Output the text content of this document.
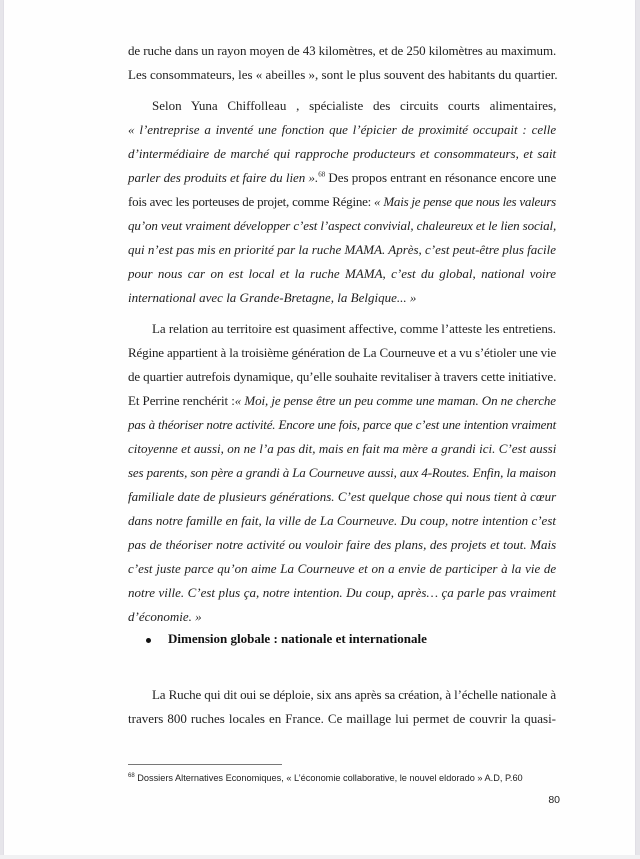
de ruche dans un rayon moyen de 43 kilomètres, et de 250 kilomètres au maximum.
Les consommateurs, les « abeilles », sont le plus souvent des habitants du quartier.
Selon Yuna Chiffolleau , spécialiste des circuits courts alimentaires,
« l’entreprise a inventé une fonction que l’épicier de proximité occupait : celle
d’intermédiaire de marché qui rapproche producteurs et consommateurs, et sait
parler des produits et faire du lien ».$^{68}$ Des propos entrant en résonance encore une
fois avec les porteuses de projet, comme Régine: « Mais je pense que nous les valeurs
qu’on veut vraiment développer c’est l’aspect convivial, chaleureux et le lien social,
qui n’est pas mis en priorité par la ruche MAMA. Après, c’est peut-être plus facile
pour nous car on est local et la ruche MAMA, c’est du global, national voire
international avec la Grande-Bretagne, la Belgique... »
La relation au territoire est quasiment affective, comme l’atteste les entretiens.
Régine appartient à la troisième génération de La Courneuve et a vu s’étioler une vie
de quartier autrefois dynamique, qu’elle souhaite revitaliser à travers cette initiative.
Et Perrine renchérit :« Moi, je pense être un peu comme une maman. On ne cherche
pas à théoriser notre activité. Encore une fois, parce que c’est une intention vraiment
citoyenne et aussi, on ne l’a pas dit, mais en fait ma mère a grandi ici. C’est aussi
ses parents, son père a grandi à La Courneuve aussi, aux 4-Routes. Enfin, la maison
familiale date de plusieurs générations. C’est quelque chose qui nous tient à cœur
dans notre famille en fait, la ville de La Courneuve. Du coup, notre intention c’est
pas de théoriser notre activité ou vouloir faire des plans, des projets et tout. Mais
c’est juste parce qu’on aime La Courneuve et on a envie de participer à la vie de
notre ville. C’est plus ça, notre intention. Du coup, après… ça parle pas vraiment
d’économie. »
Dimension globale : nationale et internationale
La Ruche qui dit oui se déploie, six ans après sa création, à l’échelle nationale à
travers 800 ruches locales en France. Ce maillage lui permet de couvrir la quasi-
$^{68}$ Dossiers Alternatives Economiques, « L’économie collaborative, le nouvel eldorado » A.D, P.60
80
